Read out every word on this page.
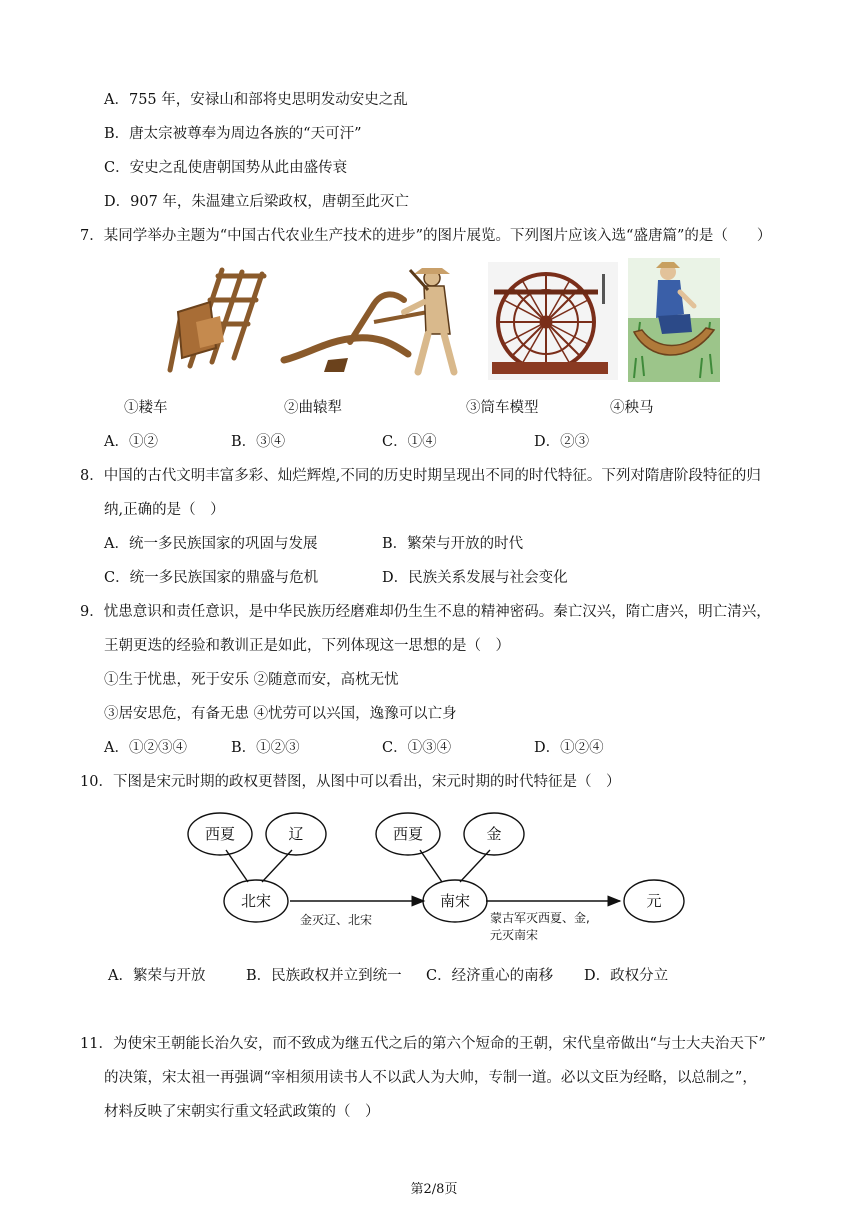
A．755 年，安禄山和部将史思明发动安史之乱
B．唐太宗被尊奉为周边各族的“天可汗”
C．安史之乱使唐朝国势从此由盛传衰
D．907 年，朱温建立后梁政权，唐朝至此灭亡
7．某同学举办主题为“中国古代农业生产技术的进步”的图片展览。下列图片应该入选“盛唐篇”的是（　　）
①耧车	②曲辕犁	③筒车模型	④秧马
A．①②	B．③④	C．①④	D．②③
8．中国的古代文明丰富多彩、灿烂辉煌,不同的历史时期呈现出不同的时代特征。下列对隋唐阶段特征的归
纳,正确的是（　）
A．统一多民族国家的巩固与发展	B．繁荣与开放的时代
C．统一多民族国家的鼎盛与危机	D．民族关系发展与社会变化
9．忧患意识和责任意识，是中华民族历经磨难却仍生生不息的精神密码。秦亡汉兴，隋亡唐兴，明亡清兴，
王朝更迭的经验和教训正是如此，下列体现这一思想的是（　）
①生于忧患，死于安乐 ②随意而安，高枕无忧
③居安思危，有备无患 ④忧劳可以兴国，逸豫可以亡身
A．①②③④	B．①②③	C．①③④	D．①②④
10．下图是宋元时期的政权更替图，从图中可以看出，宋元时期的时代特征是（　）
西夏	辽	西夏	金
北宋	南宋	元
金灭辽、北宋	蒙古军灭西夏、金,
元灭南宋
A．繁荣与开放	B．民族政权并立到统一 C．经济重心的南移 D．政权分立
11．为使宋王朝能长治久安，而不致成为继五代之后的第六个短命的王朝，宋代皇帝做出“与士大夫治天下”
的决策，宋太祖一再强调“宰相须用读书人不以武人为大帅，专制一道。必以文臣为经略，以总制之”，
材料反映了宋朝实行重文轻武政策的（　）
第2/8页
